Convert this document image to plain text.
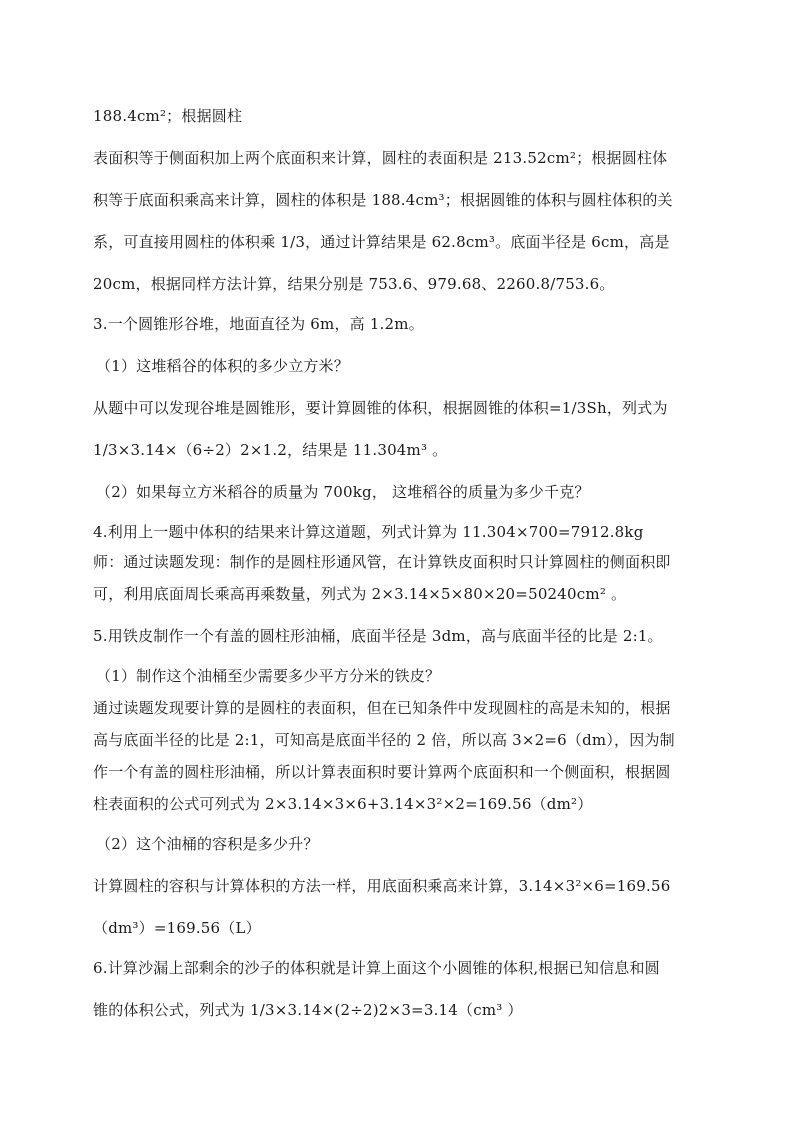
188.4cm²；根据圆柱
表面积等于侧面积加上两个底面积来计算，圆柱的表面积是 213.52cm²；根据圆柱体
积等于底面积乘高来计算，圆柱的体积是 188.4cm³；根据圆锥的体积与圆柱体积的关
系，可直接用圆柱的体积乘 1/3，通过计算结果是 62.8cm³。底面半径是 6cm，高是
20cm，根据同样方法计算，结果分别是 753.6、979.68、2260.8/753.6。
3.一个圆锥形谷堆，地面直径为 6m，高 1.2m。
（1）这堆稻谷的体积的多少立方米？
从题中可以发现谷堆是圆锥形，要计算圆锥的体积，根据圆锥的体积=1/3Sh，列式为
1/3×3.14×（6÷2）2×1.2，结果是 11.304m³ 。
（2）如果每立方米稻谷的质量为 700kg， 这堆稻谷的质量为多少千克？
4.利用上一题中体积的结果来计算这道题，列式计算为 11.304×700=7912.8kg
师：通过读题发现：制作的是圆柱形通风管，在计算铁皮面积时只计算圆柱的侧面积即
可，利用底面周长乘高再乘数量，列式为 2×3.14×5×80×20=50240cm² 。
5.用铁皮制作一个有盖的圆柱形油桶，底面半径是 3dm，高与底面半径的比是 2:1。
（1）制作这个油桶至少需要多少平方分米的铁皮？
通过读题发现要计算的是圆柱的表面积，但在已知条件中发现圆柱的高是未知的，根据
高与底面半径的比是 2:1，可知高是底面半径的 2 倍，所以高 3×2=6（dm），因为制
作一个有盖的圆柱形油桶，所以计算表面积时要计算两个底面积和一个侧面积，根据圆
柱表面积的公式可列式为 2×3.14×3×6+3.14×3²×2=169.56（dm²）
（2）这个油桶的容积是多少升？
计算圆柱的容积与计算体积的方法一样，用底面积乘高来计算，3.14×3²×6=169.56
（dm³）=169.56（L）
6.计算沙漏上部剩余的沙子的体积就是计算上面这个小圆锥的体积,根据已知信息和圆
锥的体积公式，列式为 1/3×3.14×(2÷2)2×3=3.14（cm³ ）
